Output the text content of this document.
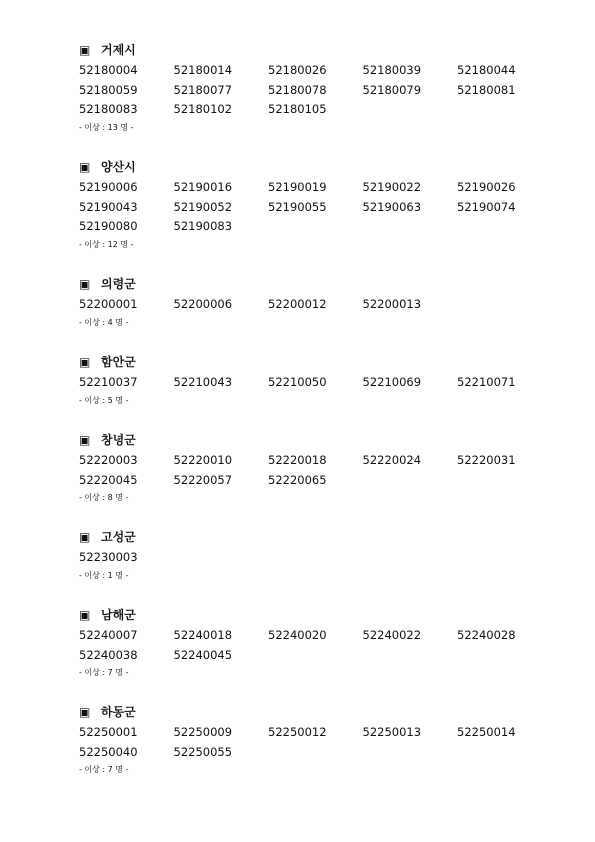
▣ 거제시
52180004	52180014	52180026	52180039	52180044
52180059	52180077	52180078	52180079	52180081
52180083	52180102	52180105
- 이상 : 13 명 -
▣ 양산시
52190006	52190016	52190019	52190022	52190026
52190043	52190052	52190055	52190063	52190074
52190080	52190083
- 이상 : 12 명 -
▣ 의령군
52200001	52200006	52200012	52200013
- 이상 : 4 명 -
▣ 함안군
52210037	52210043	52210050	52210069	52210071
- 이상 : 5 명 -
▣ 창녕군
52220003	52220010	52220018	52220024	52220031
52220045	52220057	52220065
- 이상 : 8 명 -
▣ 고성군
52230003
- 이상 : 1 명 -
▣ 남해군
52240007	52240018	52240020	52240022	52240028
52240038	52240045
- 이상 : 7 명 -
▣ 하동군
52250001	52250009	52250012	52250013	52250014
52250040	52250055
- 이상 : 7 명 -
